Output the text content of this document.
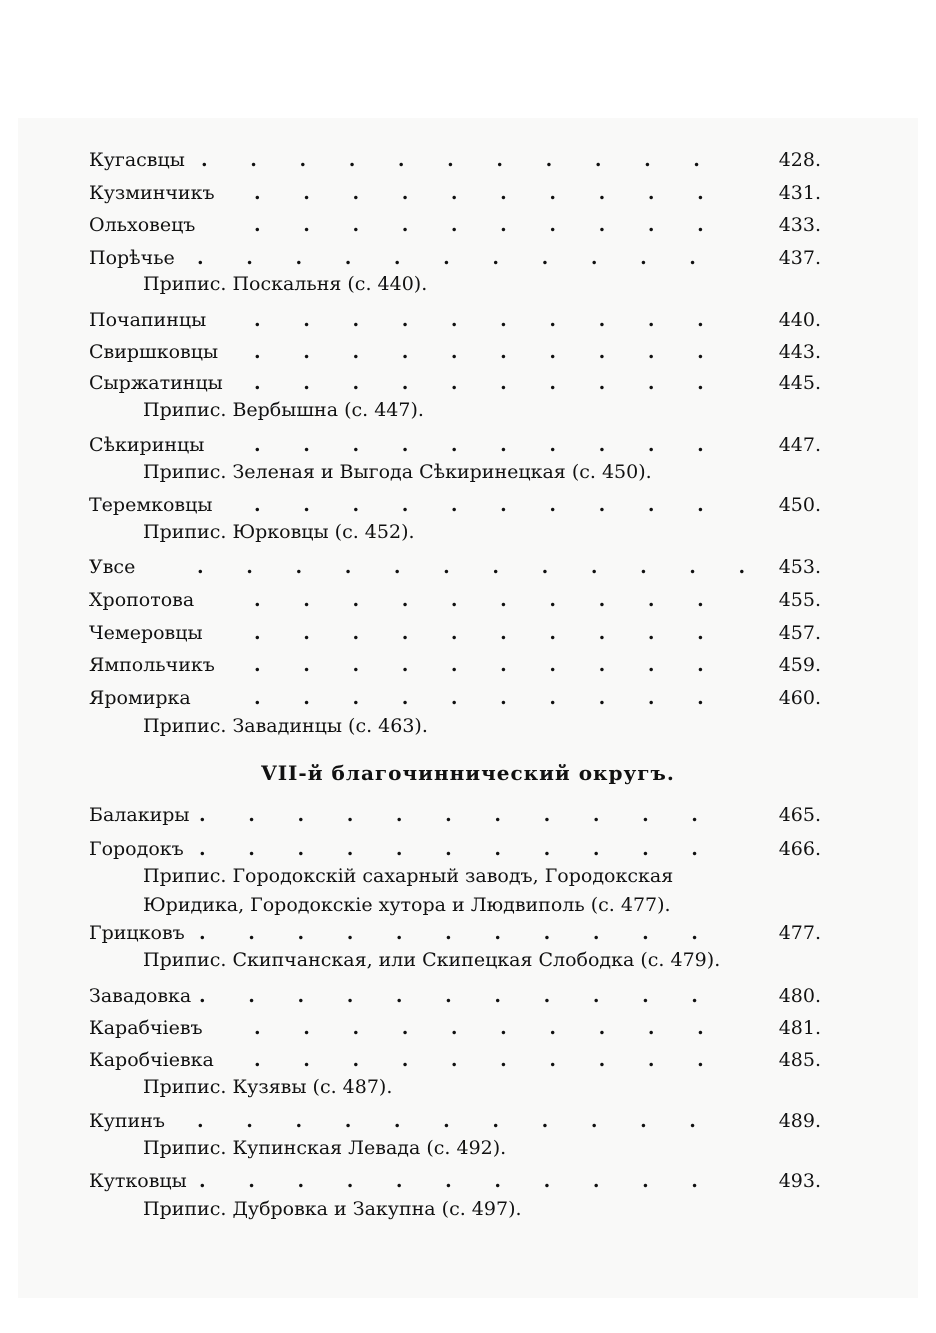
Кугасвцы . . . . . . . . . . .	428.
Кузминчикъ . . . . . . . . . .	431.
Ольховецъ	. . . . . . . . . .	433.
Порѣчье . . . . . . . . . . .	437.
Припис. Поскальня (с. 440).
Почапинцы	. . . . . . . . . .	440.
Свиршковцы . . . . . . . . . .	443.
Сыржатинцы . . . . . . . . . .	445.
Припис. Вербышна (с. 447).
Сѣкиринцы	. . . . . . . . . .	447.
Припис. Зеленая и Выгода Сѣкиринецкая (с. 450).
Теремковцы . . . . . . . . . .	450.
Припис. Юрковцы (с. 452).
Увсе	. . . . . . . . . . . . 453.
Хропотова	. . . . . . . . . .	455.
Чемеровцы	. . . . . . . . . .	457.
Ямпольчикъ . . . . . . . . . .	459.
Яромирка	. . . . . . . . . .	460.
Припис. Завадинцы (с. 463).
VII-й благочиннический округъ.
Балакиры . . . . . . . . . . .	465.
Городокъ . . . . . . . . . . .	466.
Припис. Городокскій сахарный заводъ, Городокская Юридика, Городокскіе хутора и Людвиполь (с. 477).
Грицковъ . . . . . . . . . . .	477.
Припис. Скипчанская, или Скипецкая Слободка (с. 479).
Завадовка . . . . . . . . . . .	480.
Карабчіевъ	. . . . . . . . . .	481.
Каробчіевка . . . . . . . . . .	485.
Припис. Кузявы (с. 487).
Купинъ . . . . . . . . . . .	489.
Припис. Купинская Левада (с. 492).
Кутковцы . . . . . . . . . . .	493.
Припис. Дубровка и Закупна (с. 497).
